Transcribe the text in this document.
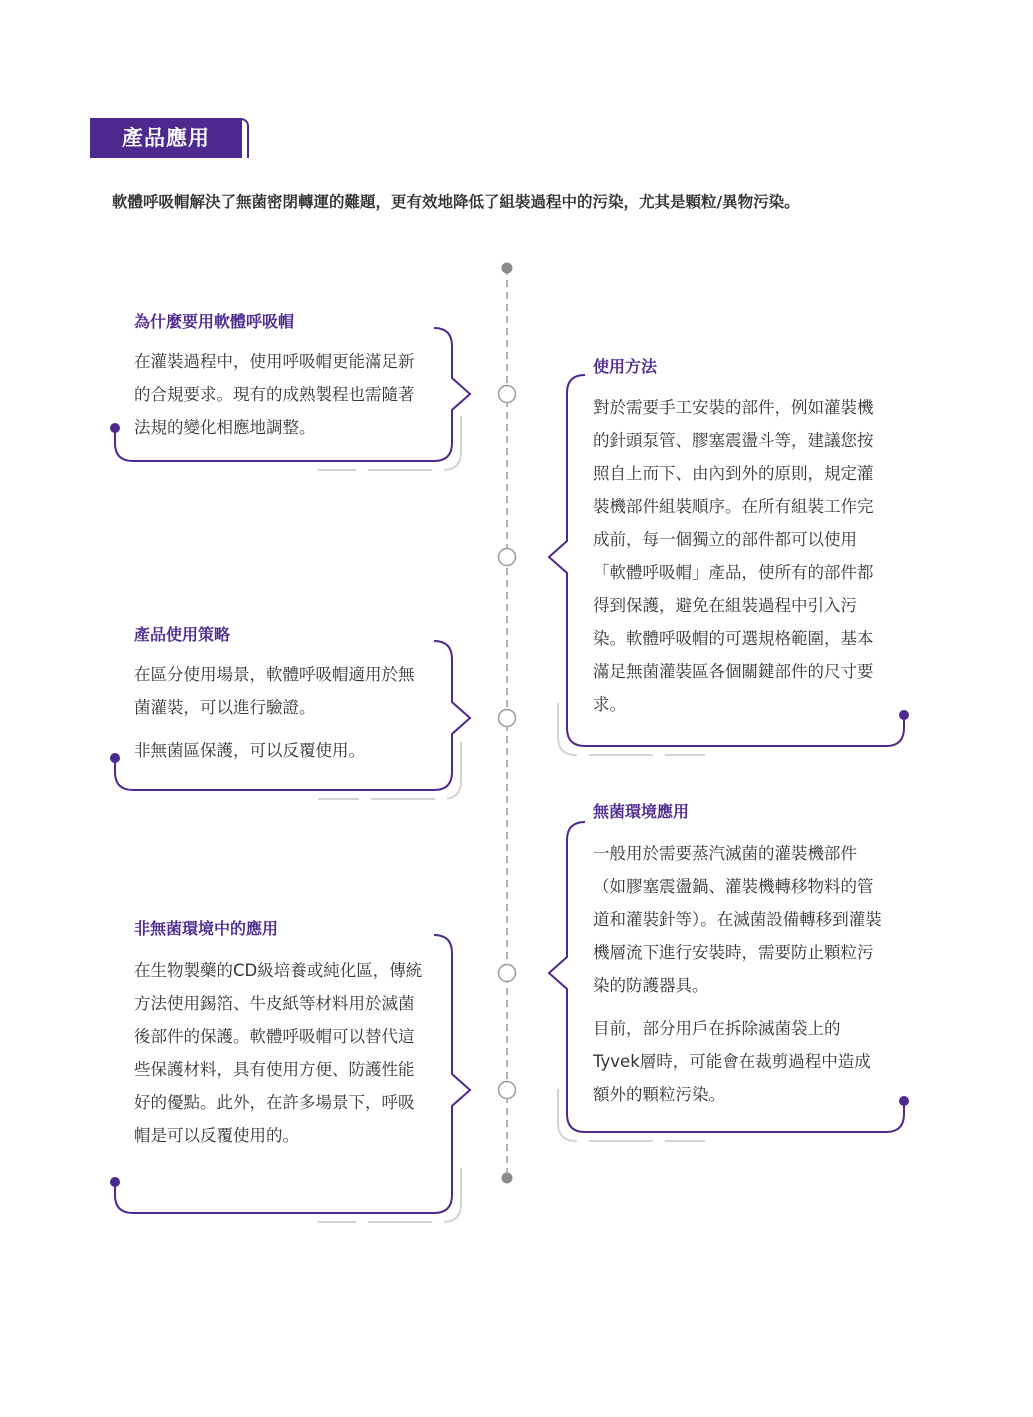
產品應用
軟體呼吸帽解決了無菌密閉轉運的難題，更有效地降低了組裝過程中的污染，尤其是顆粒/異物污染。
為什麼要用軟體呼吸帽

在灌裝過程中，使用呼吸帽更能滿足新的合規要求。現有的成熟製程也需隨著法規的變化相應地調整。

使用方法

對於需要手工安裝的部件，例如灌裝機的針頭泵管、膠塞震盪斗等，建議您按照自上而下、由內到外的原則，規定灌裝機部件組裝順序。在所有組裝工作完成前，每一個獨立的部件都可以使用「軟體呼吸帽」產品，使所有的部件都得到保護，避免在組裝過程中引入污染。軟體呼吸帽的可選規格範圍，基本滿足無菌灌裝區各個關鍵部件的尺寸要求。

產品使用策略

在區分使用場景，軟體呼吸帽適用於無菌灌裝，可以進行驗證。

非無菌區保護，可以反覆使用。

無菌環境應用

一般用於需要蒸汽滅菌的灌裝機部件（如膠塞震盪鍋、灌裝機轉移物料的管道和灌裝針等）。在滅菌設備轉移到灌裝機層流下進行安裝時，需要防止顆粒污染的防護器具。

目前，部分用戶在拆除滅菌袋上的Tyvek層時，可能會在裁剪過程中造成額外的顆粒污染。

非無菌環境中的應用

在生物製藥的CD級培養或純化區，傳統方法使用錫箔、牛皮紙等材料用於滅菌後部件的保護。軟體呼吸帽可以替代這些保護材料，具有使用方便、防護性能好的優點。此外，在許多場景下，呼吸帽是可以反覆使用的。
